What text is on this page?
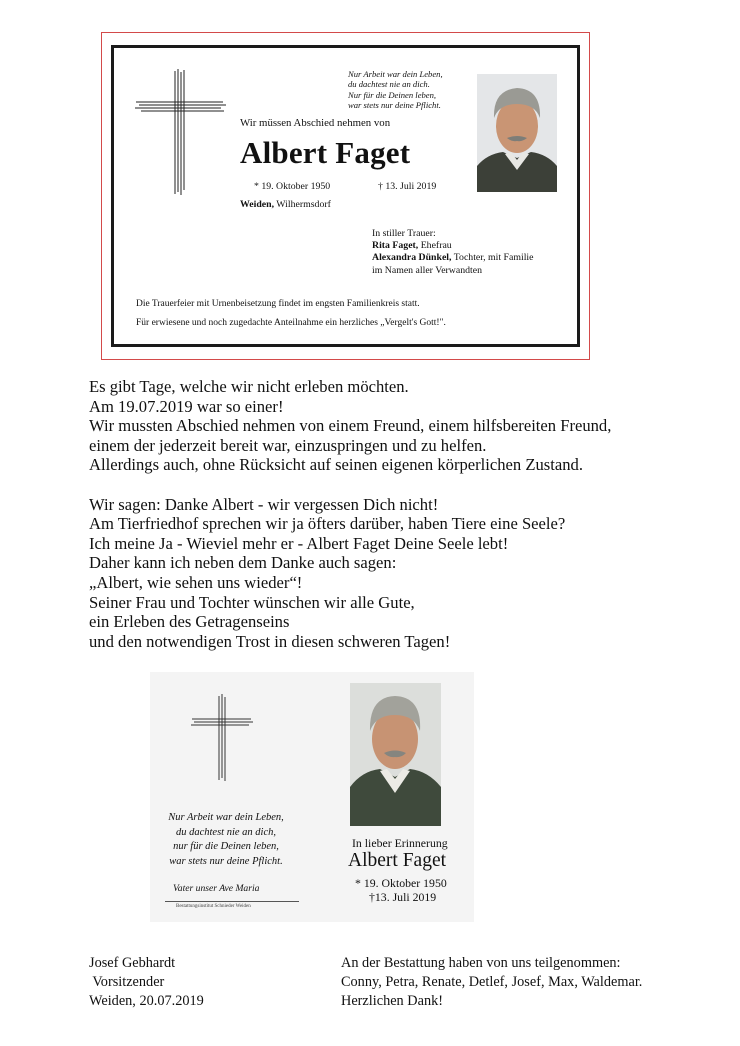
Nur Arbeit war dein Leben,
du dachtest nie an dich.
Nur für die Deinen leben,
war stets nur deine Pflicht.
Wir müssen Abschied nehmen von
Albert Faget
* 19. Oktober 1950	† 13. Juli 2019
Weiden, Wilhermsdorf
In stiller Trauer:
Rita Faget, Ehefrau
Alexandra Dünkel, Tochter, mit Familie
im Namen aller Verwandten
Die Trauerfeier mit Urnenbeisetzung findet im engsten Familienkreis statt.
Für erwiesene und noch zugedachte Anteilnahme ein herzliches „Vergelt's Gott!".
Es gibt Tage, welche wir nicht erleben möchten.
Am 19.07.2019 war so einer!
Wir mussten Abschied nehmen von einem Freund, einem hilfsbereiten Freund,
einem der jederzeit bereit war, einzuspringen und zu helfen.
Allerdings auch, ohne Rücksicht auf seinen eigenen körperlichen Zustand.
Wir sagen: Danke Albert - wir vergessen Dich nicht!
Am Tierfriedhof sprechen wir ja öfters darüber, haben Tiere eine Seele?
Ich meine Ja - Wieviel mehr er - Albert Faget Deine Seele lebt!
Daher kann ich neben dem Danke auch sagen:
„Albert, wie sehen uns wieder“!
Seiner Frau und Tochter wünschen wir alle Gute,
ein Erleben des Getragenseins
und den notwendigen Trost in diesen schweren Tagen!
Nur Arbeit war dein Leben,
du dachtest nie an dich,
nur für die Deinen leben,
war stets nur deine Pflicht.
Vater unser Ave Maria
Bestattungsinstitut Schnieder Weiden
In lieber Erinnerung
Albert Faget
* 19. Oktober 1950
†13. Juli 2019
Josef Gebhardt
Vorsitzender
Weiden, 20.07.2019
An der Bestattung haben von uns teilgenommen:
Conny, Petra, Renate, Detlef, Josef, Max, Waldemar.
Herzlichen Dank!
